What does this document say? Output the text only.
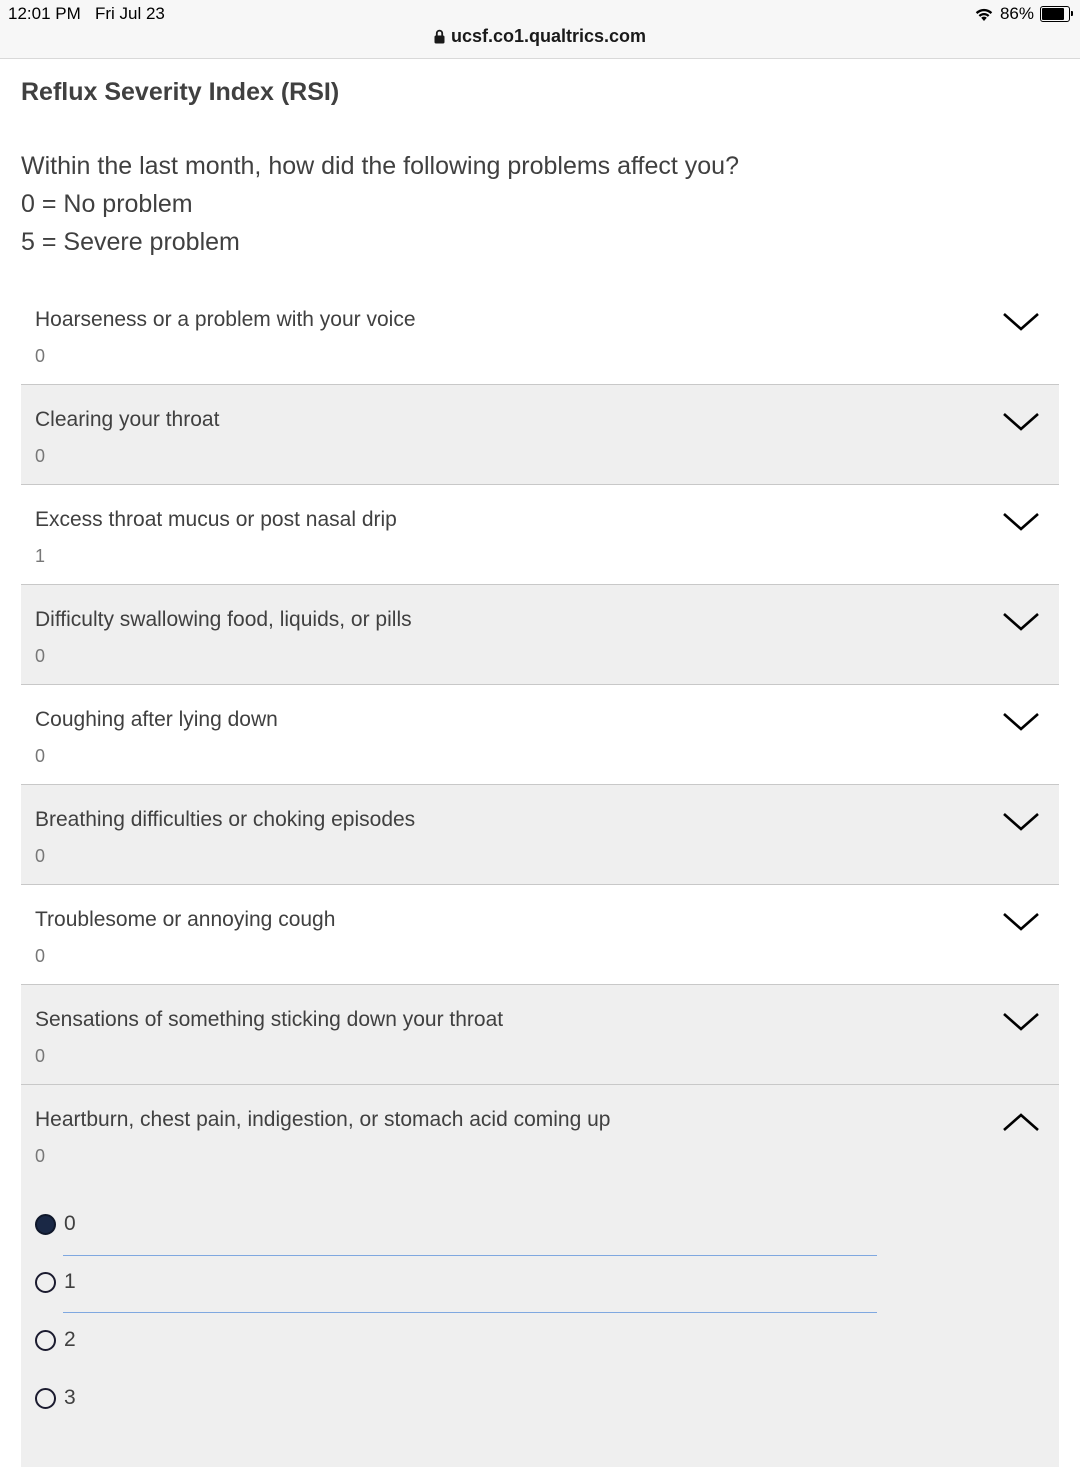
12:01 PM Fri Jul 23	86%
ucsf.co1.qualtrics.com
Reflux Severity Index (RSI)
Within the last month, how did the following problems affect you?
0 = No problem
5 = Severe problem
Hoarseness or a problem with your voice
0
Clearing your throat
0
Excess throat mucus or post nasal drip
1
Difficulty swallowing food, liquids, or pills
0
Coughing after lying down
0
Breathing difficulties or choking episodes
0
Troublesome or annoying cough
0
Sensations of something sticking down your throat
0
Heartburn, chest pain, indigestion, or stomach acid coming up
0
0
1
2
3
